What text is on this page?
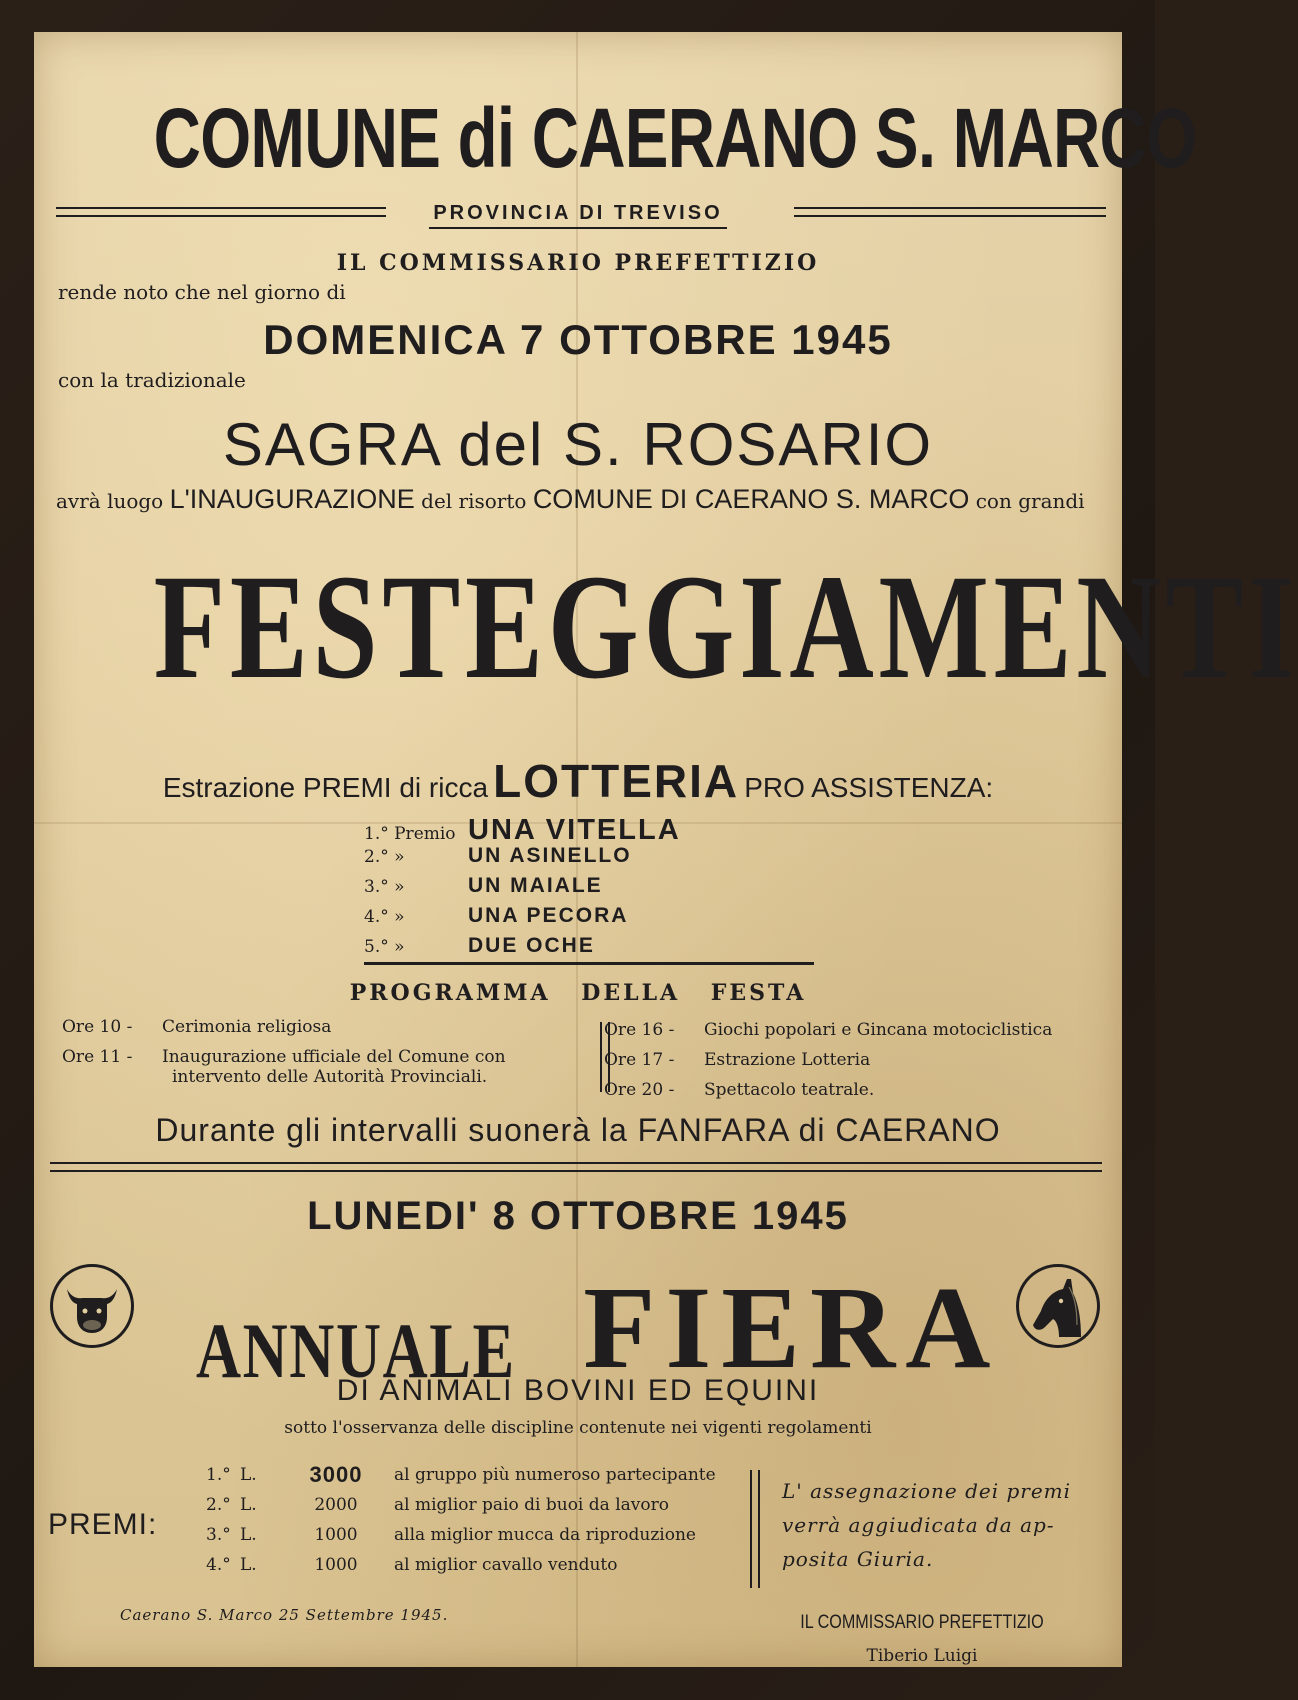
COMUNE di CAERANO S. MARCO
PROVINCIA DI TREVISO
IL COMMISSARIO PREFETTIZIO
rende noto che nel giorno di
DOMENICA 7 OTTOBRE 1945
con la tradizionale
SAGRA del S. ROSARIO
avrà luogo L'INAUGURAZIONE del risorto COMUNE DI CAERANO S. MARCO con grandi
FESTEGGIAMENTI
Estrazione PREMI di ricca LOTTERIA PRO ASSISTENZA:
1.° Premio UNA VITELLA
2.° »	UN ASINELLO
3.° »	UN MAIALE
4.° »	UNA PECORA
5.° »	DUE OCHE
PROGRAMMA DELLA FESTA
Ore 10 -	Cerimonia religiosa
Ore 11 -	Inaugurazione ufficiale del Comune con
intervento delle Autorità Provinciali.
Ore 16 -	Giochi popolari e Gincana motociclistica
Ore 17 -	Estrazione Lotteria
Ore 20 -	Spettacolo teatrale.
Durante gli intervalli suonerà la FANFARA di CAERANO
LUNEDI' 8 OTTOBRE 1945
ANNUALE FIERA
DI ANIMALI BOVINI ED EQUINI
sotto l'osservanza delle discipline contenute nei vigenti regolamenti
PREMI:
1.° L.	3000	al gruppo più numeroso partecipante
2.° L.	2000	al miglior paio di buoi da lavoro
3.° L.	1000	alla miglior mucca da riproduzione
4.° L.	1000	al miglior cavallo venduto
L' assegnazione dei premi
verrà aggiudicata da ap-
posita Giuria.
Caerano S. Marco 25 Settembre 1945.	IL COMMISSARIO PREFETTIZIO
Tiberio Luigi
